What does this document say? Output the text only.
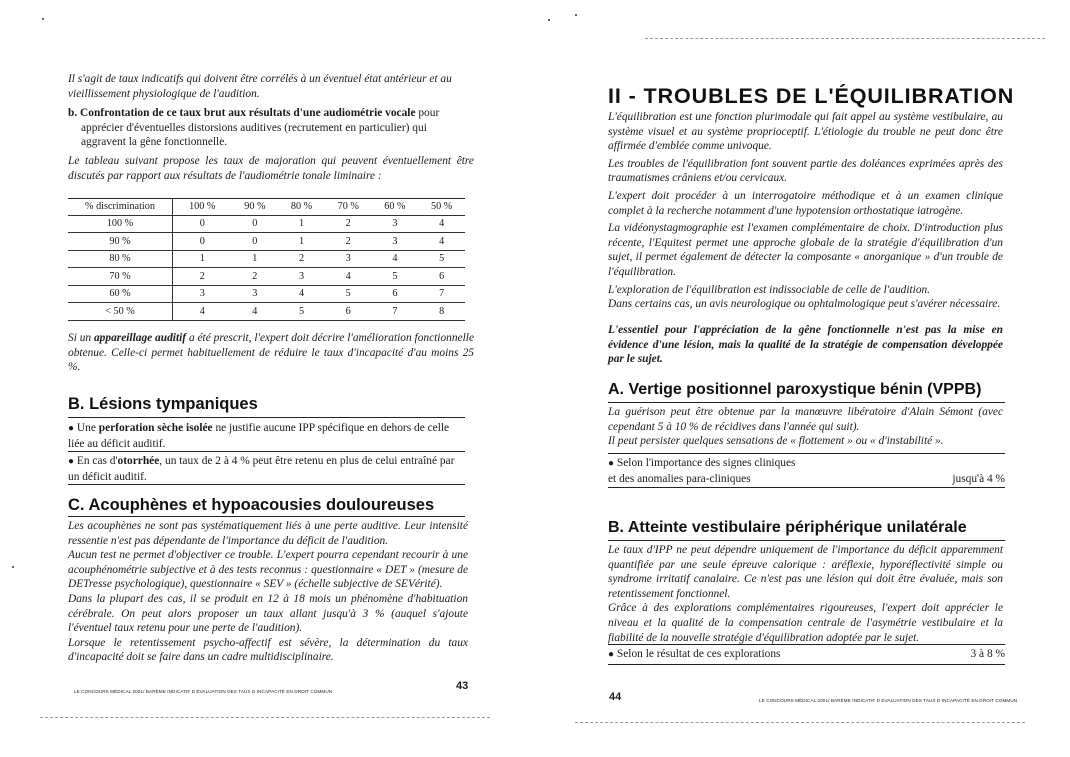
Il s'agit de taux indicatifs qui doivent être corrélés à un éventuel état antérieur et au vieillissement physiologique de l'audition.
b. Confrontation de ce taux brut aux résultats d'une audiométrie vocale pour
apprécier d'éventuelles distorsions auditives (recrutement en particulier) qui
aggravent la gêne fonctionnelle.
Le tableau suivant propose les taux de majoration qui peuvent éventuellement être discutés par rapport aux résultats de l'audiométrie tonale liminaire :
% discrimination	100 %	90 %	80 %	70 %	60 %	50 %
100 %	0	0	1	2	3	4
90 %	0	0	1	2	3	4
80 %	1	1	2	3	4	5
70 %	2	2	3	4	5	6
60 %	3	3	4	5	6	7
< 50 %	4	4	5	6	7	8
Si un appareillage auditif a été prescrit, l'expert doit décrire l'amélioration fonctionnelle obtenue. Celle-ci permet habituellement de réduire le taux d'incapacité d'au moins 25 %.
B. Lésions tympaniques
● Une perforation sèche isolée ne justifie aucune IPP spécifique en dehors de celle liée au déficit auditif.
● En cas d'otorrhée, un taux de 2 à 4 % peut être retenu en plus de celui entraîné par un déficit auditif.
C. Acouphènes et hypoacousies douloureuses
Les acouphènes ne sont pas systématiquement liés à une perte auditive. Leur intensité ressentie n'est pas dépendante de l'importance du déficit de l'audition.
Aucun test ne permet d'objectiver ce trouble. L'expert pourra cependant recourir à une acouphénométrie subjective et à des tests reconnus : questionnaire « DET » (mesure de DETresse psychologique), questionnaire « SEV » (échelle subjective de SEVérité).
Dans la plupart des cas, il se produit en 12 à 18 mois un phénomène d'habituation cérébrale. On peut alors proposer un taux allant jusqu'à 3 % (auquel s'ajoute l'éventuel taux retenu pour une perte de l'audition).
Lorsque le retentissement psycho-affectif est sévère, la détermination du taux d'incapacité doit se faire dans un cadre multidisciplinaire.
LE CONCOURS MÉDICAL 2001/ BARÈME INDICATIF D ÉVALUATION DES TAUX D INCAPACITÉ EN DROIT COMMUN	43
II - TROUBLES DE L'ÉQUILIBRATION
L'équilibration est une fonction plurimodale qui fait appel au système vestibulaire, au système visuel et au système proprioceptif. L'étiologie du trouble ne peut donc être affirmée d'emblée comme univoque.
Les troubles de l'équilibration font souvent partie des doléances exprimées après des traumatismes crâniens et/ou cervicaux.
L'expert doit procéder à un interrogatoire méthodique et à un examen clinique complet à la recherche notamment d'une hypotension orthostatique iatrogène.
La vidéonystagmographie est l'examen complémentaire de choix. D'introduction plus récente, l'Equitest permet une approche globale de la stratégie d'équilibration d'un sujet, il permet également de détecter la composante « anorganique » d'un trouble de l'équilibration.
L'exploration de l'équilibration est indissociable de celle de l'audition.
Dans certains cas, un avis neurologique ou ophtalmologique peut s'avérer nécessaire.
L'essentiel pour l'appréciation de la gêne fonctionnelle n'est pas la mise en évidence d'une lésion, mais la qualité de la stratégie de compensation développée par le sujet.
A. Vertige positionnel paroxystique bénin (VPPB)
La guérison peut être obtenue par la manœuvre libératoire d'Alain Sémont (avec cependant 5 à 10 % de récidives dans l'année qui suit).
Il peut persister quelques sensations de « flottement » ou « d'instabilité ».
● Selon l'importance des signes cliniques
et des anomalies para-cliniques	jusqu'à 4 %
B. Atteinte vestibulaire périphérique unilatérale
Le taux d'IPP ne peut dépendre uniquement de l'importance du déficit apparemment quantifiée par une seule épreuve calorique : aréflexie, hyporéflectivité simple ou syndrome irritatif canalaire. Ce n'est pas une lésion qui doit être évaluée, mais son retentissement fonctionnel.
Grâce à des explorations complémentaires rigoureuses, l'expert doit apprécier le niveau et la qualité de la compensation centrale de l'asymétrie vestibulaire et la fiabilité de la nouvelle stratégie d'équilibration adoptée par le sujet.
● Selon le résultat de ces explorations	3 à 8 %
44	LE CONCOURS MÉDICAL 2001/ BARÈME INDICATIF D ÉVALUATION DES TAUX D INCAPACITÉ EN DROIT COMMUN
